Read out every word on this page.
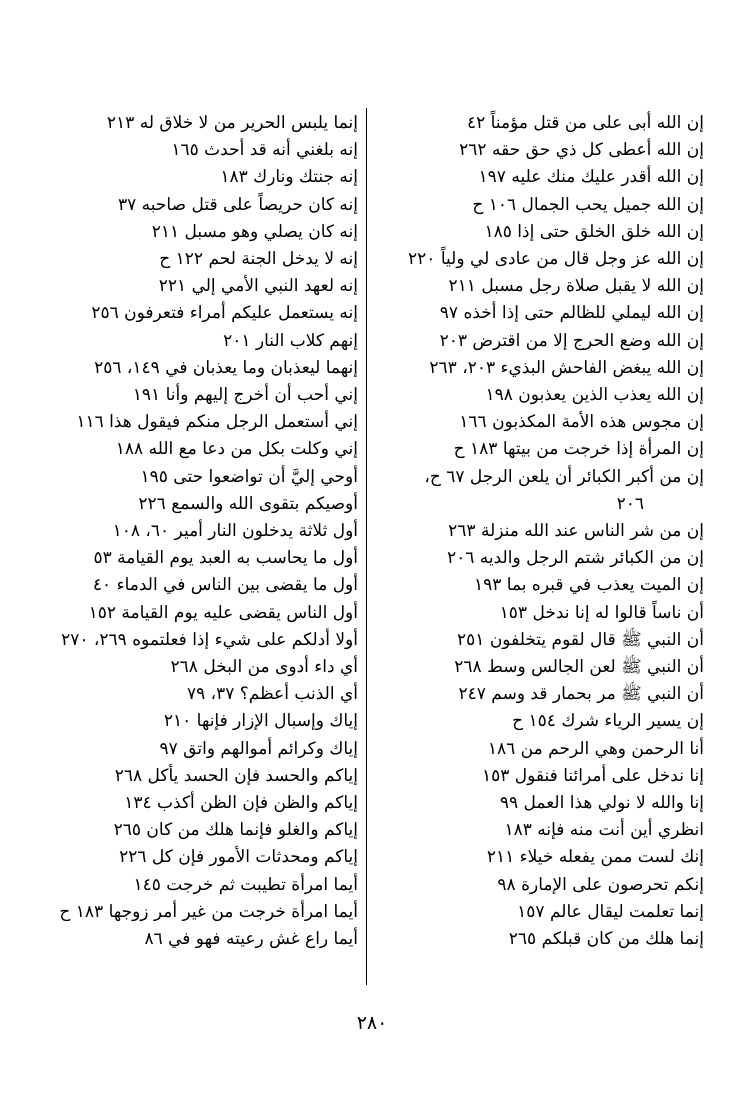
إن الله أبى على من قتل مؤمناً ٤٢
إن الله أعطى كل ذي حق حقه ٢٦٢
إن الله أقدر عليك منك عليه ١٩٧
إن الله جميل يحب الجمال ١٠٦ ح
إن الله خلق الخلق حتى إذا ١٨٥
إن الله عز وجل قال من عادى لي ولياً ٢٢٠
إن الله لا يقبل صلاة رجل مسبل ٢١١
إن الله ليملي للظالم حتى إذا أخذه ٩٧
إن الله وضع الحرج إلا من اقترض ٢٠٣
إن الله يبغض الفاحش البذيء ٢٠٣، ٢٦٣
إن الله يعذب الذين يعذبون ١٩٨
إن مجوس هذه الأمة المكذبون ١٦٦
إن المرأة إذا خرجت من بيتها ١٨٣ ح
إن من أكبر الكبائر أن يلعن الرجل ٦٧ ح،
٢٠٦
إن من شر الناس عند الله منزلة ٢٦٣
إن من الكبائر شتم الرجل والديه ٢٠٦
إن الميت يعذب في قبره بما ١٩٣
أن ناساً قالوا له إنا ندخل ١٥٣
أن النبي ﷺ قال لقوم يتخلفون ٢٥١
أن النبي ﷺ لعن الجالس وسط ٢٦٨
أن النبي ﷺ مر بحمار قد وسم ٢٤٧
إن يسير الرياء شرك ١٥٤ ح
أنا الرحمن وهي الرحم من ١٨٦
إنا ندخل على أمرائنا فنقول ١٥٣
إنا والله لا نولي هذا العمل ٩٩
انظري أين أنت منه فإنه ١٨٣
إنك لست ممن يفعله خيلاء ٢١١
إنكم تحرصون على الإمارة ٩٨
إنما تعلمت ليقال عالم ١٥٧
إنما هلك من كان قبلكم ٢٦٥
إنما يلبس الحرير من لا خلاق له ٢١٣
إنه بلغني أنه قد أحدث ١٦٥
إنه جنتك ونارك ١٨٣
إنه كان حريصاً على قتل صاحبه ٣٧
إنه كان يصلي وهو مسبل ٢١١
إنه لا يدخل الجنة لحم ١٢٢ ح
إنه لعهد النبي الأمي إلي ٢٢١
إنه يستعمل عليكم أمراء فتعرفون ٢٥٦
إنهم كلاب النار ٢٠١
إنهما ليعذبان وما يعذبان في ١٤٩، ٢٥٦
إني أحب أن أخرج إليهم وأنا ١٩١
إني أستعمل الرجل منكم فيقول هذا ١١٦
إني وكلت بكل من دعا مع الله ١٨٨
أوحي إليَّ أن تواضعوا حتى ١٩٥
أوصيكم بتقوى الله والسمع ٢٢٦
أول ثلاثة يدخلون النار أمير ٦٠، ١٠٨
أول ما يحاسب به العبد يوم القيامة ٥٣
أول ما يقضى بين الناس في الدماء ٤٠
أول الناس يقضى عليه يوم القيامة ١٥٢
أولا أدلكم على شيء إذا فعلتموه ٢٦٩، ٢٧٠
أي داء أدوى من البخل ٢٦٨
أي الذنب أعظم؟ ٣٧، ٧٩
إياك وإسبال الإزار فإنها ٢١٠
إياك وكرائم أموالهم واتق ٩٧
إياكم والحسد فإن الحسد يأكل ٢٦٨
إياكم والظن فإن الظن أكذب ١٣٤
إياكم والغلو فإنما هلك من كان ٢٦٥
إياكم ومحدثات الأمور فإن كل ٢٢٦
أيما امرأة تطيبت ثم خرجت ١٤٥
أيما امرأة خرجت من غير أمر زوجها ١٨٣ ح
أيما راع غش رعيته فهو في ٨٦
٢٨٠
